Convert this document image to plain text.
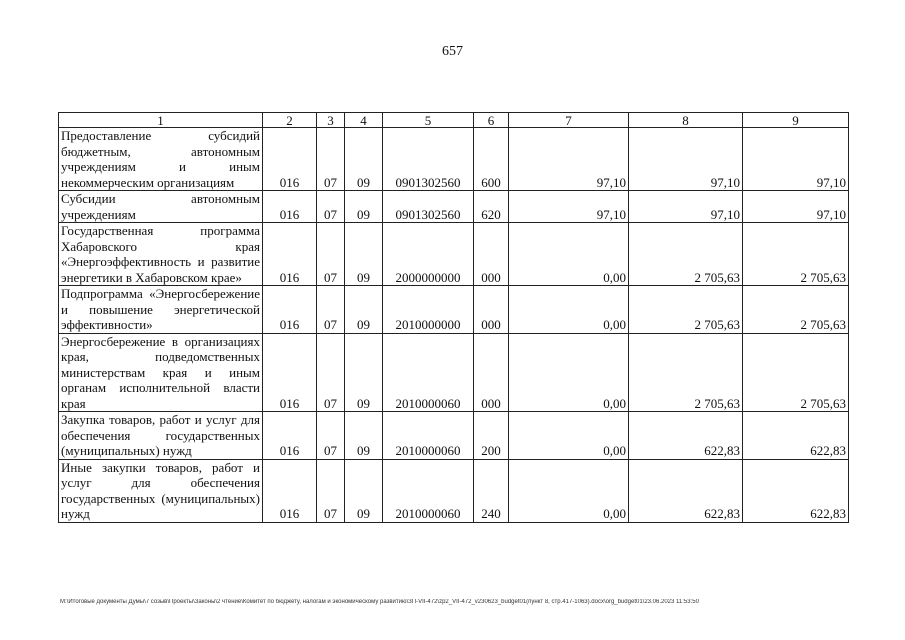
657
1	2	3	4	5	6	7	8	9
Предоставление субсидий бюджетным, автономным учреждениям и иным некоммерческим организациям	016	07	09	0901302560	600	97,10	97,10	97,10
Субсидии автономным учреждениям	016	07	09	0901302560	620	97,10	97,10	97,10
Государственная программа Хабаровского края «Энергоэффективность и развитие энергетики в Хабаровском крае»	016	07	09	2000000000	000	0,00	2 705,63	2 705,63
Подпрограмма «Энергосбережение и повышение энергетической эффективности»	016	07	09	2010000000	000	0,00	2 705,63	2 705,63
Энергосбережение в организациях края, подведомственных министерствам края и иным органам исполнительной власти края	016	07	09	2010000060	000	0,00	2 705,63	2 705,63
Закупка товаров, работ и услуг для обеспечения государственных (муниципальных) нужд	016	07	09	2010000060	200	0,00	622,83	622,83
Иные закупки товаров, работ и услуг для обеспечения государственных (муниципальных) нужд	016	07	09	2010000060	240	0,00	622,83	622,83
M:\Итоговые документы Думы\7 созыв\Проекты\Законы\2 чтение\Комитет по бюджету, налогам и экономическому развитию\ЗП-VII-472\zp2_VII-472_v230623_budget01(пункт 8, стр.417-1063).docx\org_budget01\23.06.2023 11:53:50
